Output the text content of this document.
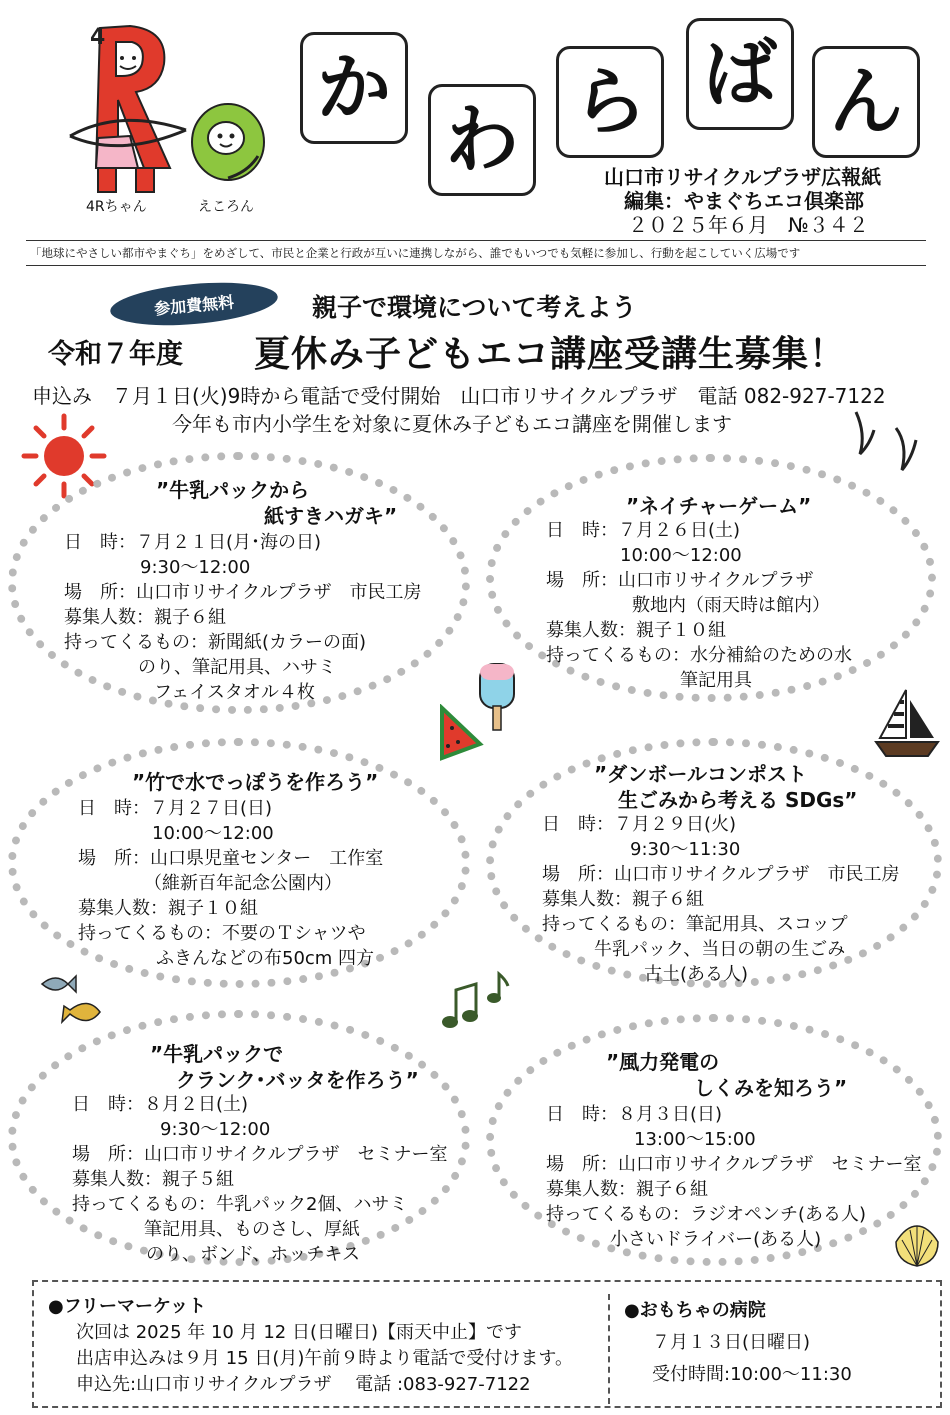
4
4Rちゃん	えころん
か
わ ら ば ん
山口市リサイクルプラザ広報紙
編集：やまぐちエコ倶楽部
２０２５年６月　№３４２
「地球にやさしい都市やまぐち」をめざして、市民と企業と行政が互いに連携しながら、誰でもいつでも気軽に参加し、行動を起こしていく広場です
参加費無料	親子で環境について考えよう
令和７年度 夏休み子どもエコ講座受講生募集！
申込み　７月１日(火)9時から電話で受付開始　山口市リサイクルプラザ　電話 082-927-7122
今年も市内小学生を対象に夏休み子どもエコ講座を開催します
”牛乳パックから
紙すきハガキ”
日　時：７月２１日(月･海の日)
9:30～12:00
場　所：山口市リサイクルプラザ　市民工房
募集人数：親子６組
持ってくるもの：新聞紙(カラーの面)
のり、筆記用具、ハサミ
フェイスタオル４枚
”ネイチャーゲーム”
日　時：７月２６日(土)
10:00～12:00
場　所：山口市リサイクルプラザ
敷地内（雨天時は館内）
募集人数：親子１０組
持ってくるもの：水分補給のための水
筆記用具
”竹で水でっぽうを作ろう”
日　時：７月２７日(日)
10:00～12:00
場　所：山口県児童センター　工作室
（維新百年記念公園内）
募集人数：親子１０組
持ってくるもの：不要のＴシャツや
ふきんなどの布50cm 四方
”ダンボールコンポスト
生ごみから考える SDGs”
日　時：７月２９日(火)
9:30～11:30
場　所：山口市リサイクルプラザ　市民工房
募集人数：親子６組
持ってくるもの：筆記用具、スコップ
牛乳パック、当日の朝の生ごみ
古土(ある人)
”牛乳パックで
クランク･バッタを作ろう”
日　時：８月２日(土)
9:30～12:00
場　所：山口市リサイクルプラザ　セミナー室
募集人数：親子５組
持ってくるもの：牛乳パック2個、ハサミ
筆記用具、ものさし、厚紙
のり、ボンド、ホッチキス
”風力発電の
しくみを知ろう”
日　時：８月３日(日)
13:00～15:00
場　所：山口市リサイクルプラザ　セミナー室
募集人数：親子６組
持ってくるもの：ラジオペンチ(ある人)
小さいドライバー(ある人)
●フリーマーケット
次回は 2025 年 10 月 12 日(日曜日)【雨天中止】です
出店申込みは９月 15 日(月)午前９時より電話で受付けます。
申込先:山口市リサイクルプラザ　 電話 :083-927-7122
●おもちゃの病院
７月１３日(日曜日)
受付時間:10:00～11:30
